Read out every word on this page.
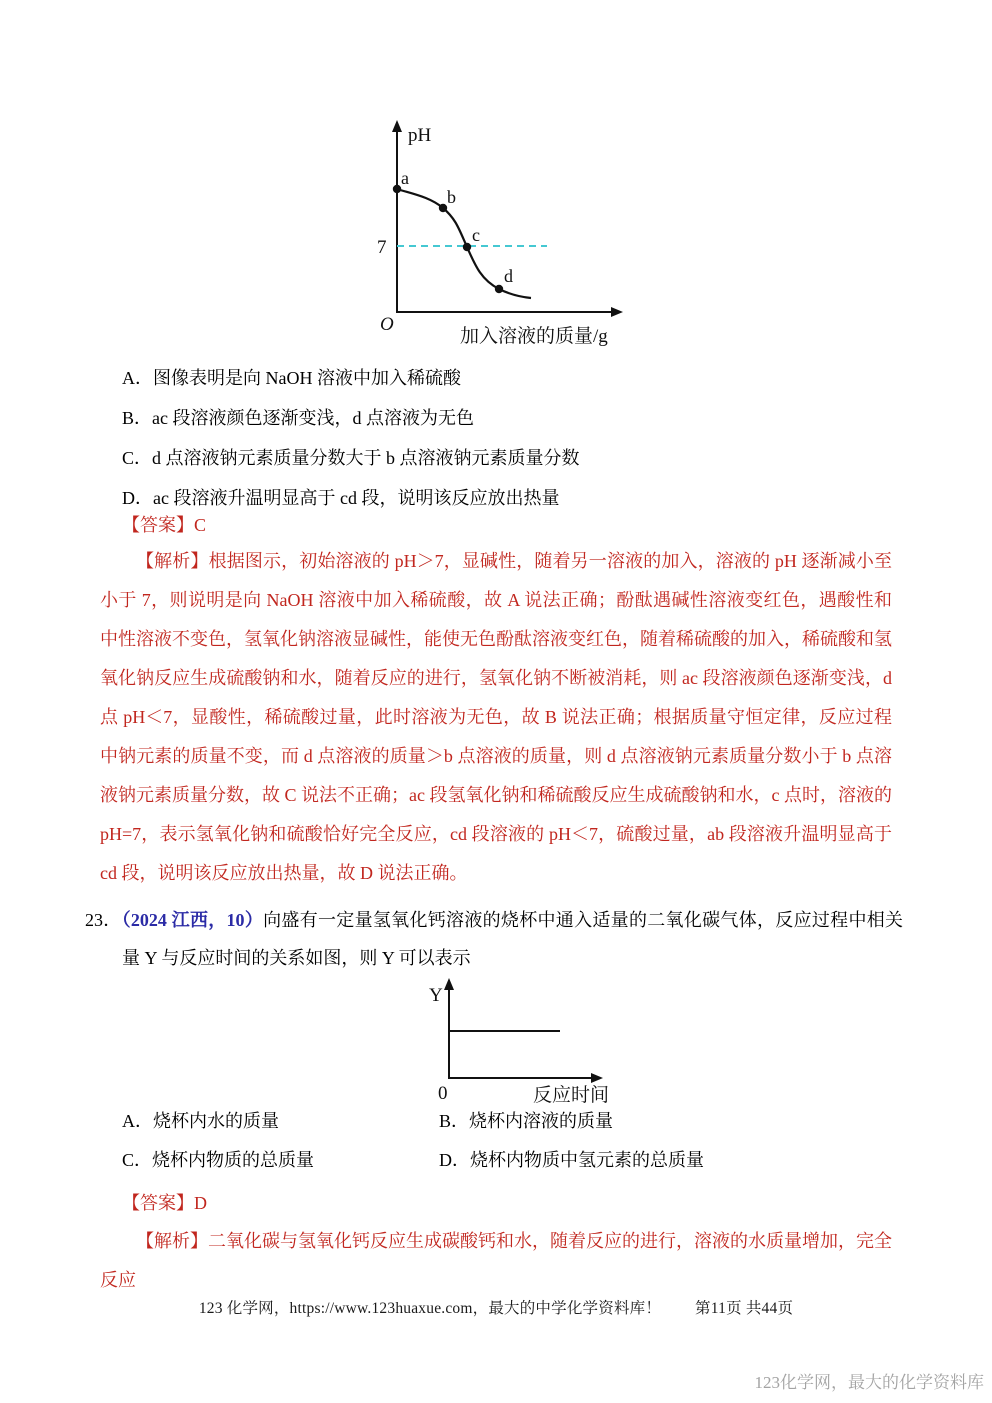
pH
a
b
c
d
7
O
加入溶液的质量/g
A．图像表明是向 NaOH 溶液中加入稀硫酸
B．ac 段溶液颜色逐渐变浅，d 点溶液为无色
C．d 点溶液钠元素质量分数大于 b 点溶液钠元素质量分数
D．ac 段溶液升温明显高于 cd 段，说明该反应放出热量
【答案】C

【解析】根据图示，初始溶液的 pH＞7，显碱性，随着另一溶液的加入，溶液的 pH 逐渐减小至小于 7，则说明是向 NaOH 溶液中加入稀硫酸，故 A 说法正确；酚酞遇碱性溶液变红色，遇酸性和中性溶液不变色，氢氧化钠溶液显碱性，能使无色酚酞溶液变红色，随着稀硫酸的加入，稀硫酸和氢氧化钠反应生成硫酸钠和水，随着反应的进行，氢氧化钠不断被消耗，则 ac 段溶液颜色逐渐变浅，d 点 pH＜7，显酸性，稀硫酸过量，此时溶液为无色，故 B 说法正确；根据质量守恒定律，反应过程中钠元素的质量不变，而 d 点溶液的质量＞b 点溶液的质量，则 d 点溶液钠元素质量分数小于 b 点溶液钠元素质量分数，故 C 说法不正确；ac 段氢氧化钠和稀硫酸反应生成硫酸钠和水，c 点时，溶液的 pH=7，表示氢氧化钠和硫酸恰好完全反应，cd 段溶液的 pH＜7，硫酸过量，ab 段溶液升温明显高于 cd 段，说明该反应放出热量，故 D 说法正确。

23．（2024 江西，10）向盛有一定量氢氧化钙溶液的烧杯中通入适量的二氧化碳气体，反应过程中相关量 Y 与反应时间的关系如图，则 Y 可以表示
Y
0	反应时间
A．烧杯内水的质量	B．烧杯内溶液的质量
C．烧杯内物质的总质量	D．烧杯内物质中氢元素的总质量
【答案】D

【解析】二氧化碳与氢氧化钙反应生成碳酸钙和水，随着反应的进行，溶液的水质量增加，完全反应

123 化学网，https://www.123huaxue.com，最大的中学化学资料库！ 第11页 共44页
123化学网，最大的化学资料库
